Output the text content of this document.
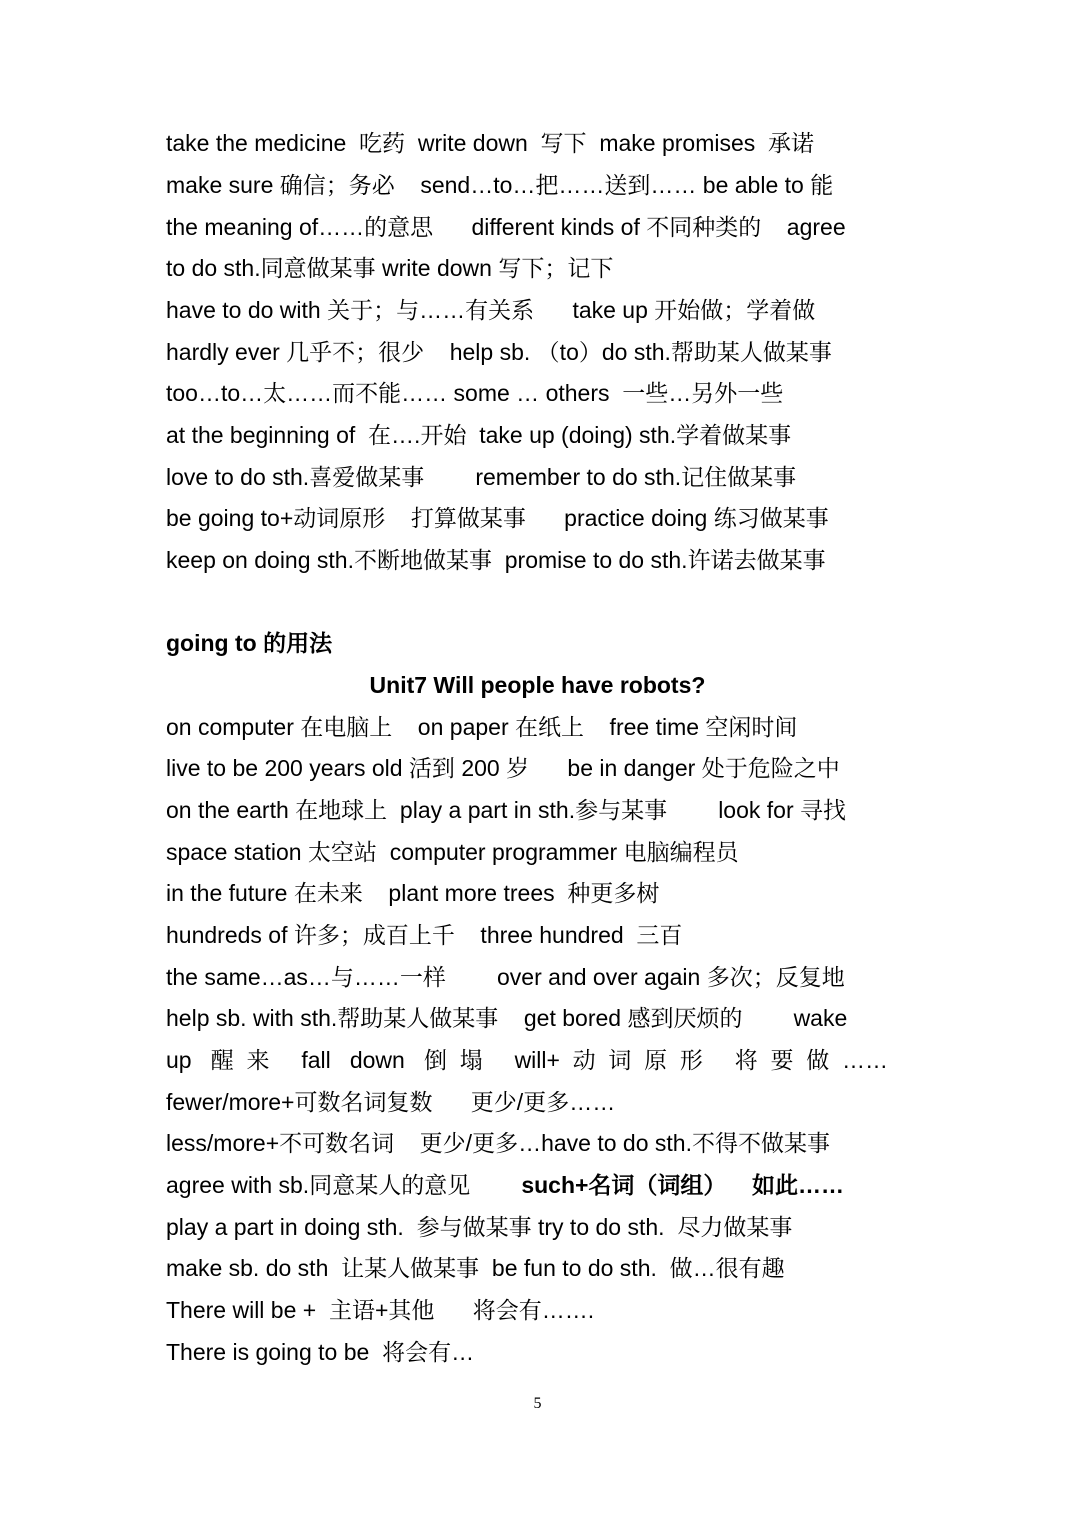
take the medicine  吃药  write down  写下  make promises  承诺
make sure 确信；务必    send…to…把……送到…… be able to 能
the meaning of……的意思      different kinds of 不同种类的    agree
to do sth.同意做某事 write down 写下；记下
have to do with 关于；与……有关系      take up 开始做；学着做
hardly ever 几乎不；很少    help sb. （to）do sth.帮助某人做某事
too…to…太……而不能…… some … others  一些…另外一些
at the beginning of  在….开始  take up (doing) sth.学着做某事
love to do sth.喜爱做某事        remember to do sth.记住做某事
be going to+动词原形    打算做某事      practice doing 练习做某事
keep on doing sth.不断地做某事  promise to do sth.许诺去做某事

going to 的用法
Unit7 Will people have robots?
on computer 在电脑上    on paper 在纸上    free time 空闲时间
live to be 200 years old 活到 200 岁      be in danger 处于危险之中
on the earth 在地球上  play a part in sth.参与某事        look for 寻找
space station 太空站  computer programmer 电脑编程员
in the future 在未来    plant more trees  种更多树
hundreds of 许多；成百上千    three hundred  三百
the same…as…与……一样        over and over again 多次；反复地
help sb. with sth.帮助某人做某事    get bored 感到厌烦的        wake
up 醒来 fall down 倒塌 will+动词原形 将要做……
fewer/more+可数名词复数      更少/更多……
less/more+不可数名词    更少/更多…have to do sth.不得不做某事
agree with sb.同意某人的意见        such+名词（词组）    如此……
play a part in doing sth.  参与做某事 try to do sth.  尽力做某事
make sb. do sth  让某人做某事  be fun to do sth.  做…很有趣
There will be +  主语+其他      将会有…….
There is going to be  将会有…
5
